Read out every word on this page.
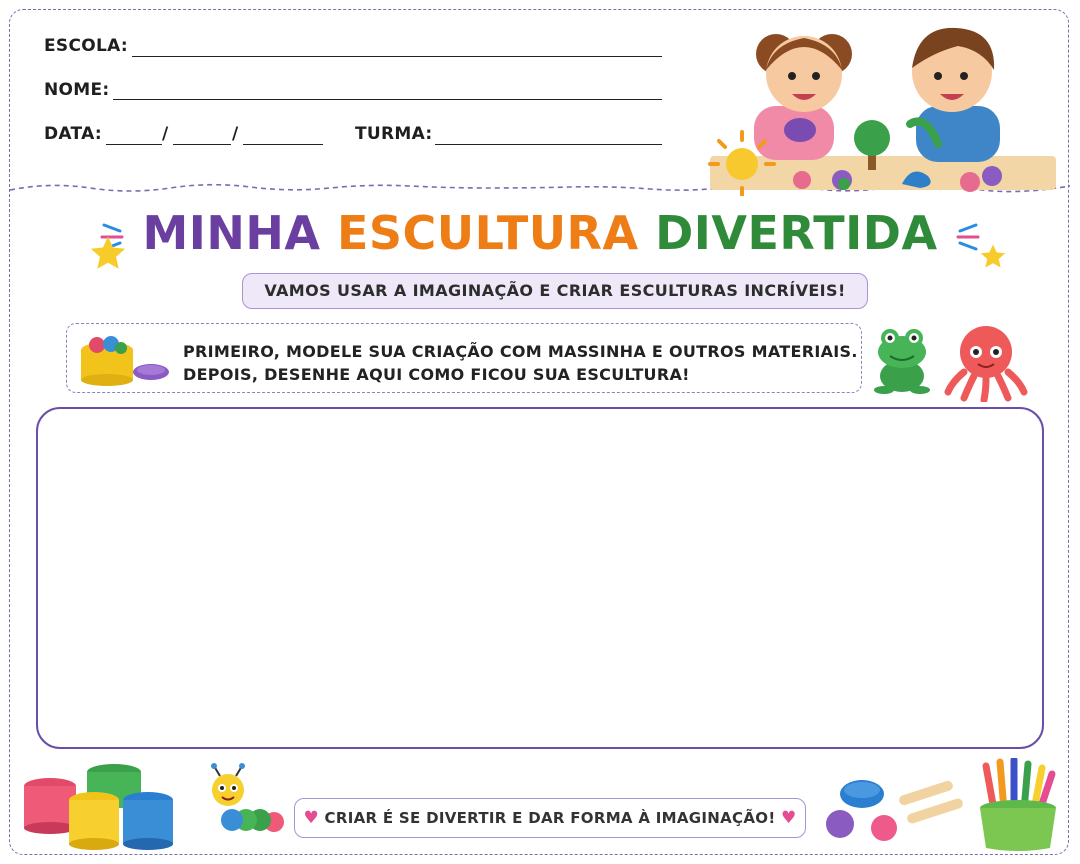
ESCOLA:
NOME:
DATA:	/	/	TURMA:
MINHA ESCULTURA DIVERTIDA
VAMOS USAR A IMAGINAÇÃO E CRIAR ESCULTURAS INCRÍVEIS!
PRIMEIRO, MODELE SUA CRIAÇÃO COM MASSINHA E OUTROS MATERIAIS.
DEPOIS, DESENHE AQUI COMO FICOU SUA ESCULTURA!
♥ CRIAR É SE DIVERTIR E DAR FORMA À IMAGINAÇÃO! ♥
